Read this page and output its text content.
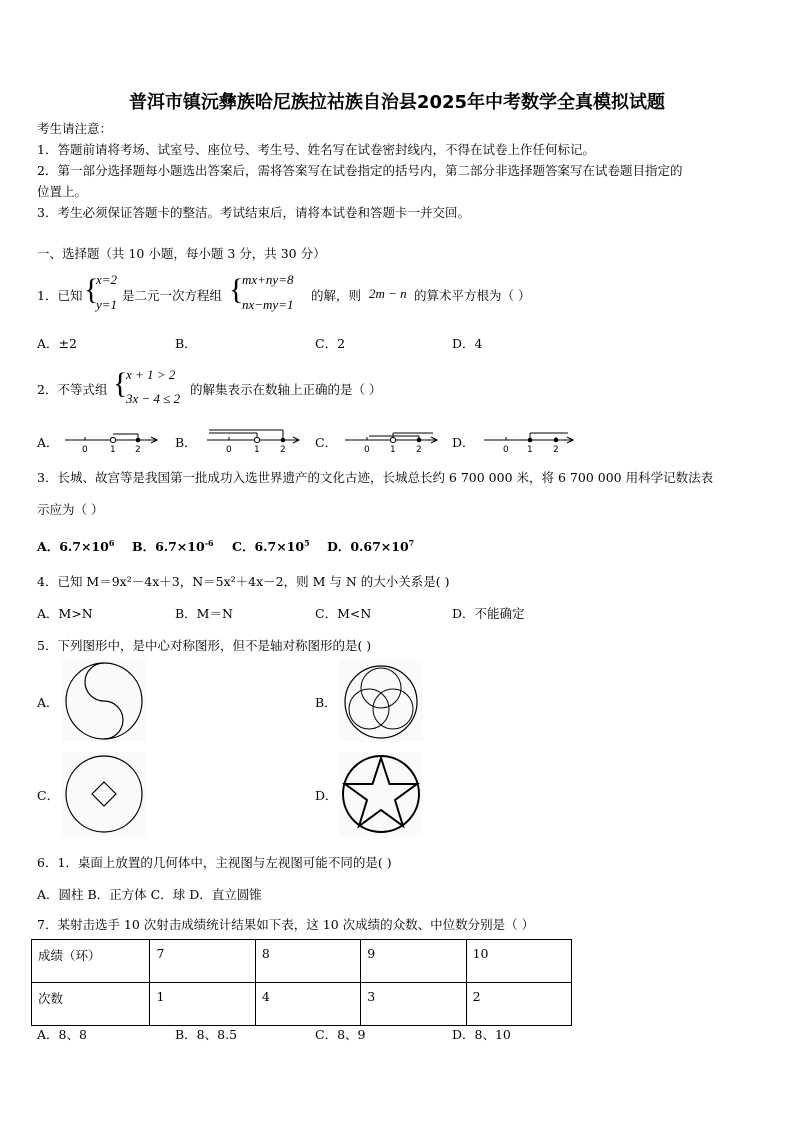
普洱市镇沅彝族哈尼族拉祜族自治县2025年中考数学全真模拟试题
考生请注意：
1．答题前请将考场、试室号、座位号、考生号、姓名写在试卷密封线内，不得在试卷上作任何标记。
2．第一部分选择题每小题选出答案后，需将答案写在试卷指定的括号内，第二部分非选择题答案写在试卷题目指定的
位置上。
3．考生必须保证答题卡的整洁。考试结束后，请将本试卷和答题卡一并交回。
一、选择题（共 10 小题，每小题 3 分，共 30 分）
1．已知 {
x=2
y=1
是二元一次方程组 {
mx+ny=8
nx−my=1
的解，则 2m − n 的算术平方根为（ ）
A．±2	B．	C．2	D．4
2．不等式组 {
x + 1 > 2
3x − 4 ≤ 2
的解集表示在数轴上正确的是（ ）
A．	B．	C．	D．
0 1 2	0 1 2	0 1 2	0 1 2
3．长城、故宫等是我国第一批成功入选世界遗产的文化古迹，长城总长约 6 700 000 米，将 6 700 000 用科学记数法表
示应为（ ）
A．$6.7\times 10^6$ B．$6.7\times 10^{-6}$ C．$6.7\times 10^5$ D．$0.67\times 10^7$
4．已知 M＝9x²－4x＋3，N＝5x²＋4x－2，则 M 与 N 的大小关系是( )
A．M>N	B．M＝N	C．M<N	D．不能确定
5．下列图形中，是中心对称图形，但不是轴对称图形的是( )
A．	B．
C．	D．
6．1．桌面上放置的几何体中，主视图与左视图可能不同的是( )
A．圆柱 B．正方体 C．球 D．直立圆锥
7．某射击选手 10 次射击成绩统计结果如下表，这 10 次成绩的众数、中位数分别是（ ）
成绩（环）	7	8	9	10
次数	1	4	3	2
A．8、8	B．8、8.5	C．8、9	D．8、10
